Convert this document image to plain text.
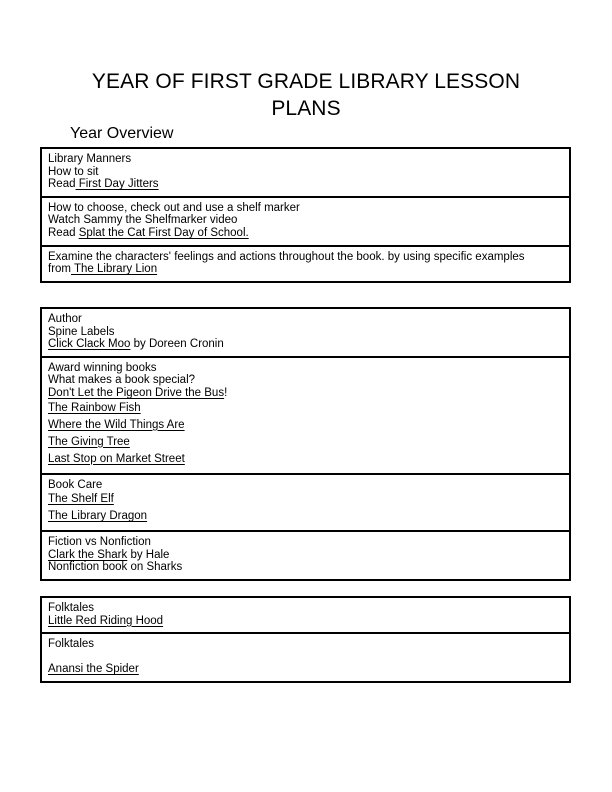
YEAR OF FIRST GRADE LIBRARY LESSON PLANS
Year Overview
Library Manners
How to sit
Read First Day Jitters
How to choose, check out and use a shelf marker
Watch Sammy the Shelfmarker video
Read Splat the Cat First Day of School.
Examine the characters' feelings and actions throughout the book. by using specific examples from The Library Lion
Author
Spine Labels
Click Clack Moo by Doreen Cronin
Award winning books
What makes a book special?
Don't Let the Pigeon Drive the Bus!
The Rainbow Fish
Where the Wild Things Are
The Giving Tree
Last Stop on Market Street
Book Care
The Shelf Elf
The Library Dragon
Fiction vs Nonfiction
Clark the Shark by Hale
Nonfiction book on Sharks
Folktales
Little Red Riding Hood
Folktales

Anansi the Spider
